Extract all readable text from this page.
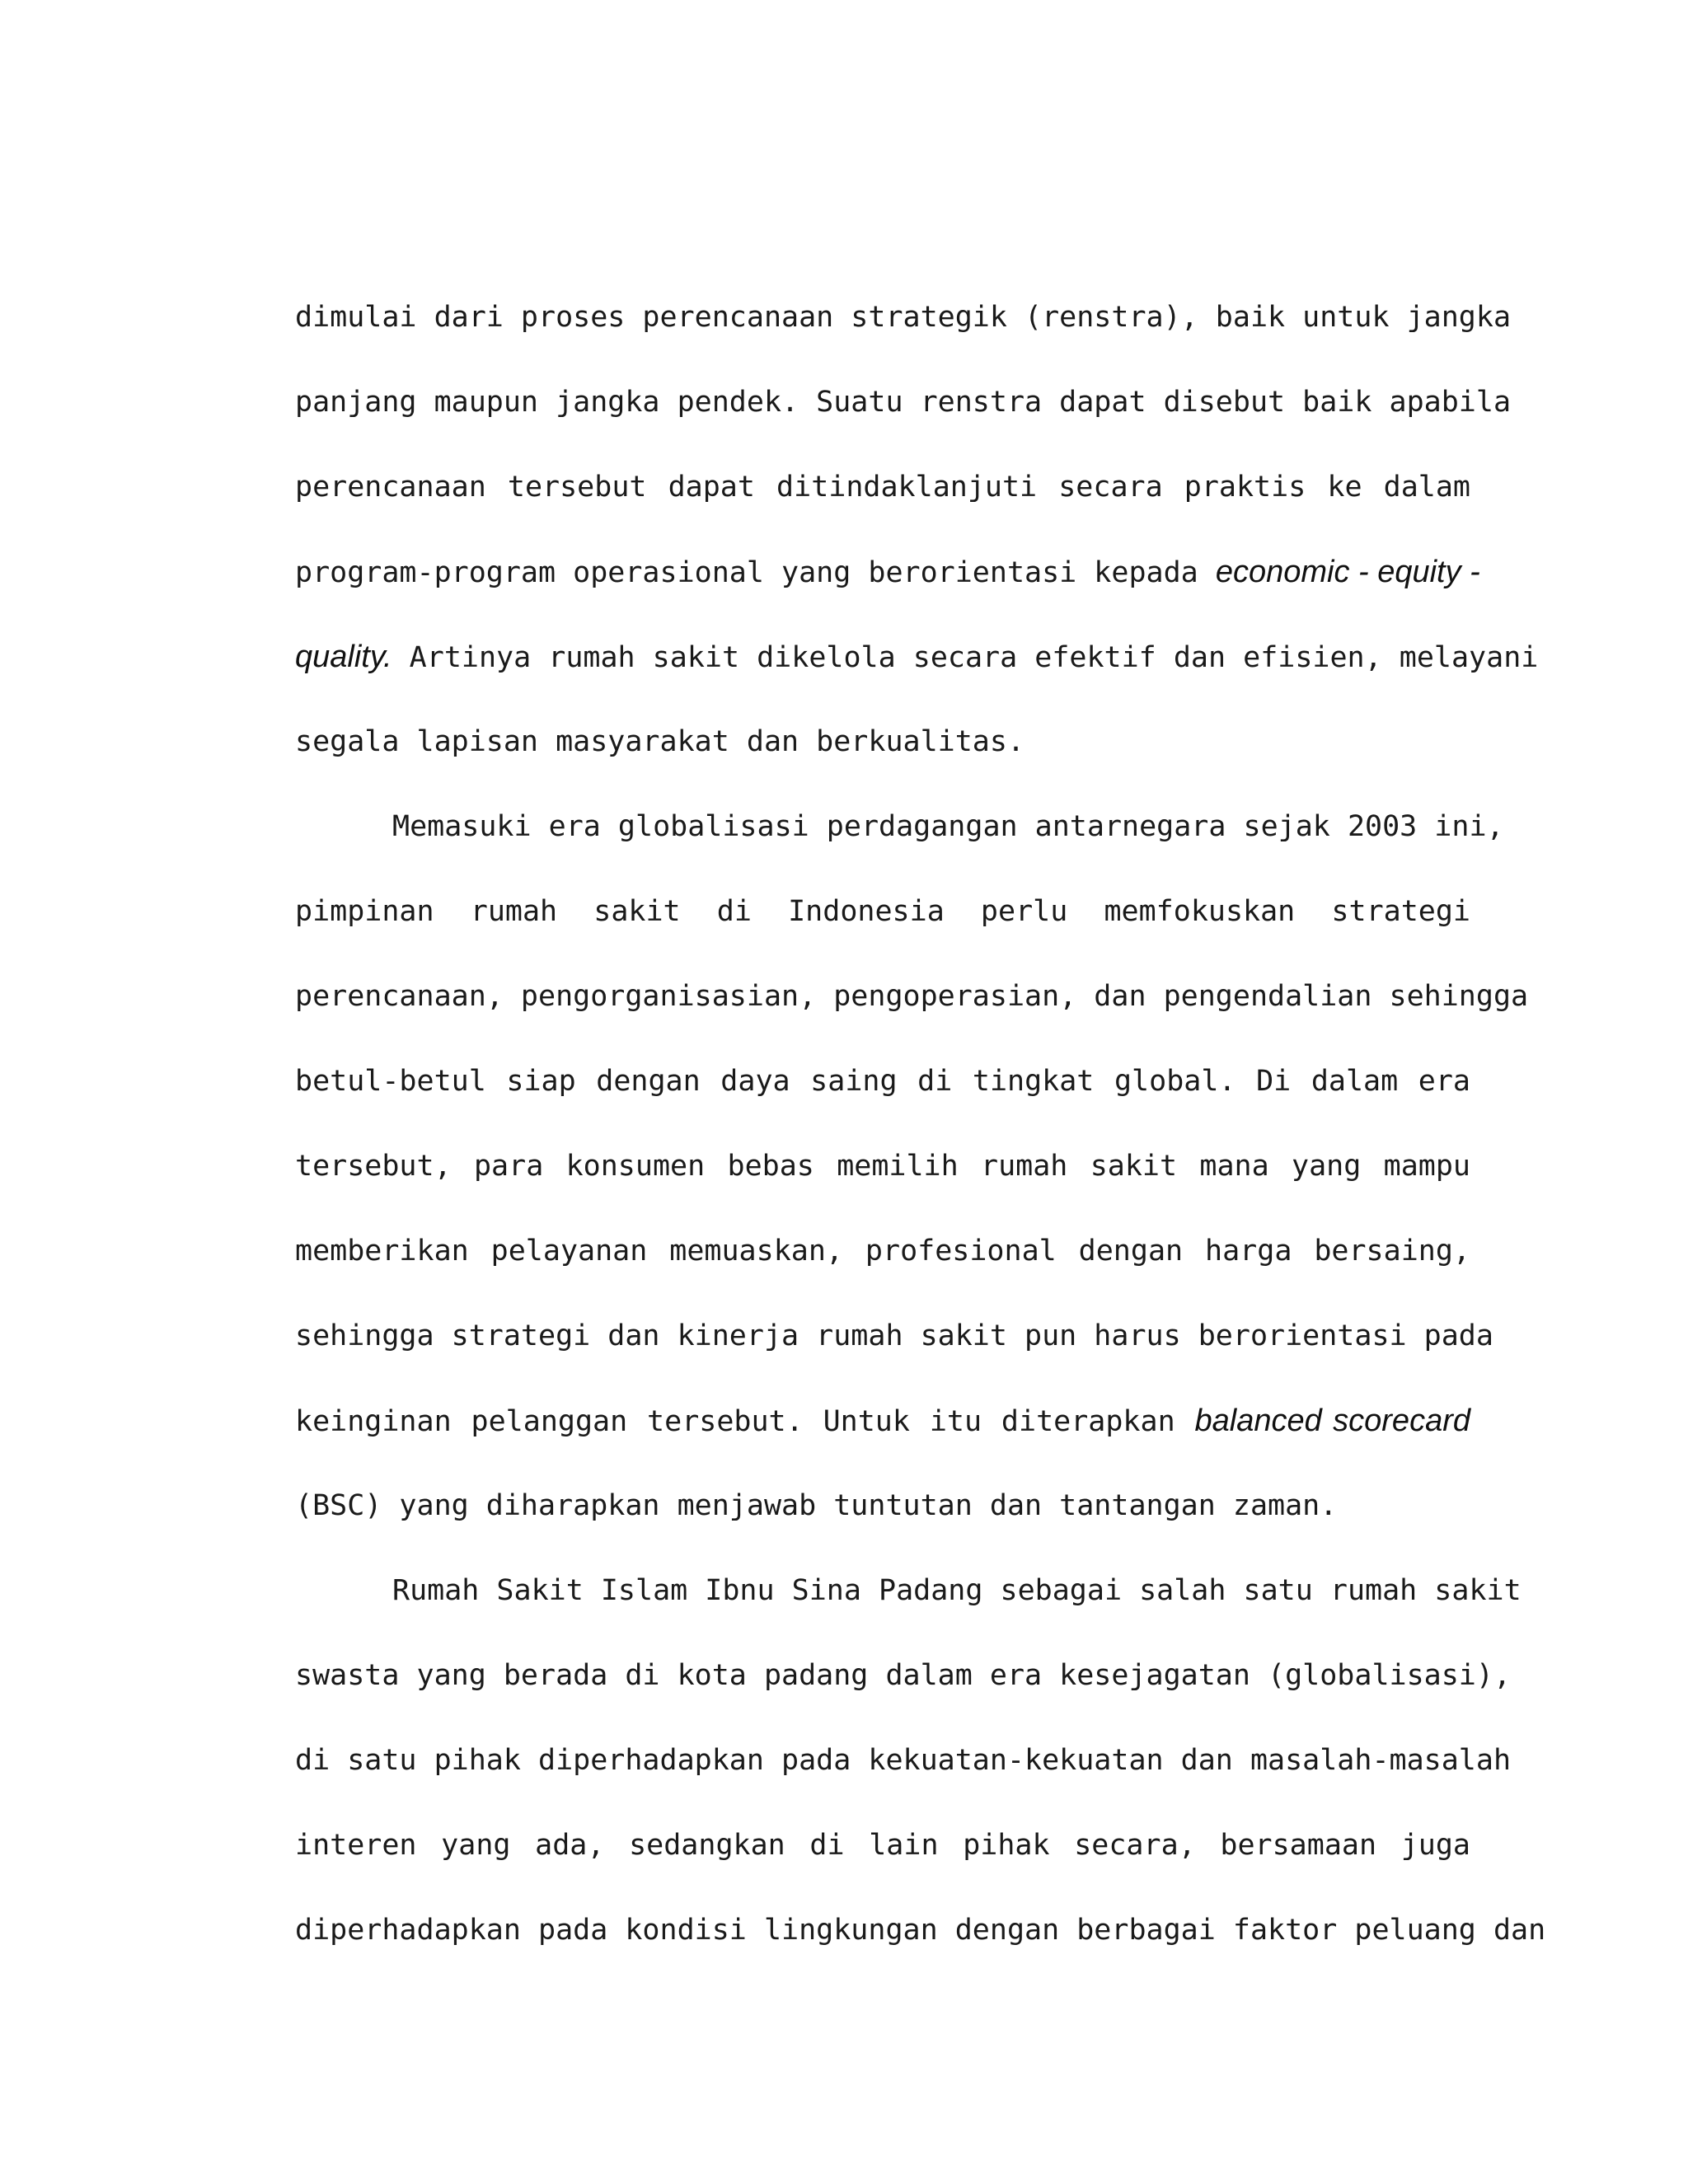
dimulai dari proses perencanaan strategik (renstra), baik untuk jangka
panjang maupun jangka pendek. Suatu renstra dapat disebut baik apabila
perencanaan tersebut dapat ditindaklanjuti secara praktis ke dalam
program-program operasional yang berorientasi kepada economic - equity -
quality. Artinya rumah sakit dikelola secara efektif dan efisien, melayani
segala lapisan masyarakat dan berkualitas.
Memasuki era globalisasi perdagangan antarnegara sejak 2003 ini,
pimpinan rumah sakit di Indonesia perlu memfokuskan strategi
perencanaan, pengorganisasian, pengoperasian, dan pengendalian sehingga
betul-betul siap dengan daya saing di tingkat global. Di dalam era
tersebut, para konsumen bebas memilih rumah sakit mana yang mampu
memberikan pelayanan memuaskan, profesional dengan harga bersaing,
sehingga strategi dan kinerja rumah sakit pun harus berorientasi pada
keinginan pelanggan tersebut. Untuk itu diterapkan balanced scorecard
(BSC) yang diharapkan menjawab tuntutan dan tantangan zaman.
Rumah Sakit Islam Ibnu Sina Padang sebagai salah satu rumah sakit
swasta yang berada di kota padang dalam era kesejagatan (globalisasi),
di satu pihak diperhadapkan pada kekuatan-kekuatan dan masalah-masalah
interen yang ada, sedangkan di lain pihak secara, bersamaan juga
diperhadapkan pada kondisi lingkungan dengan berbagai faktor peluang dan
